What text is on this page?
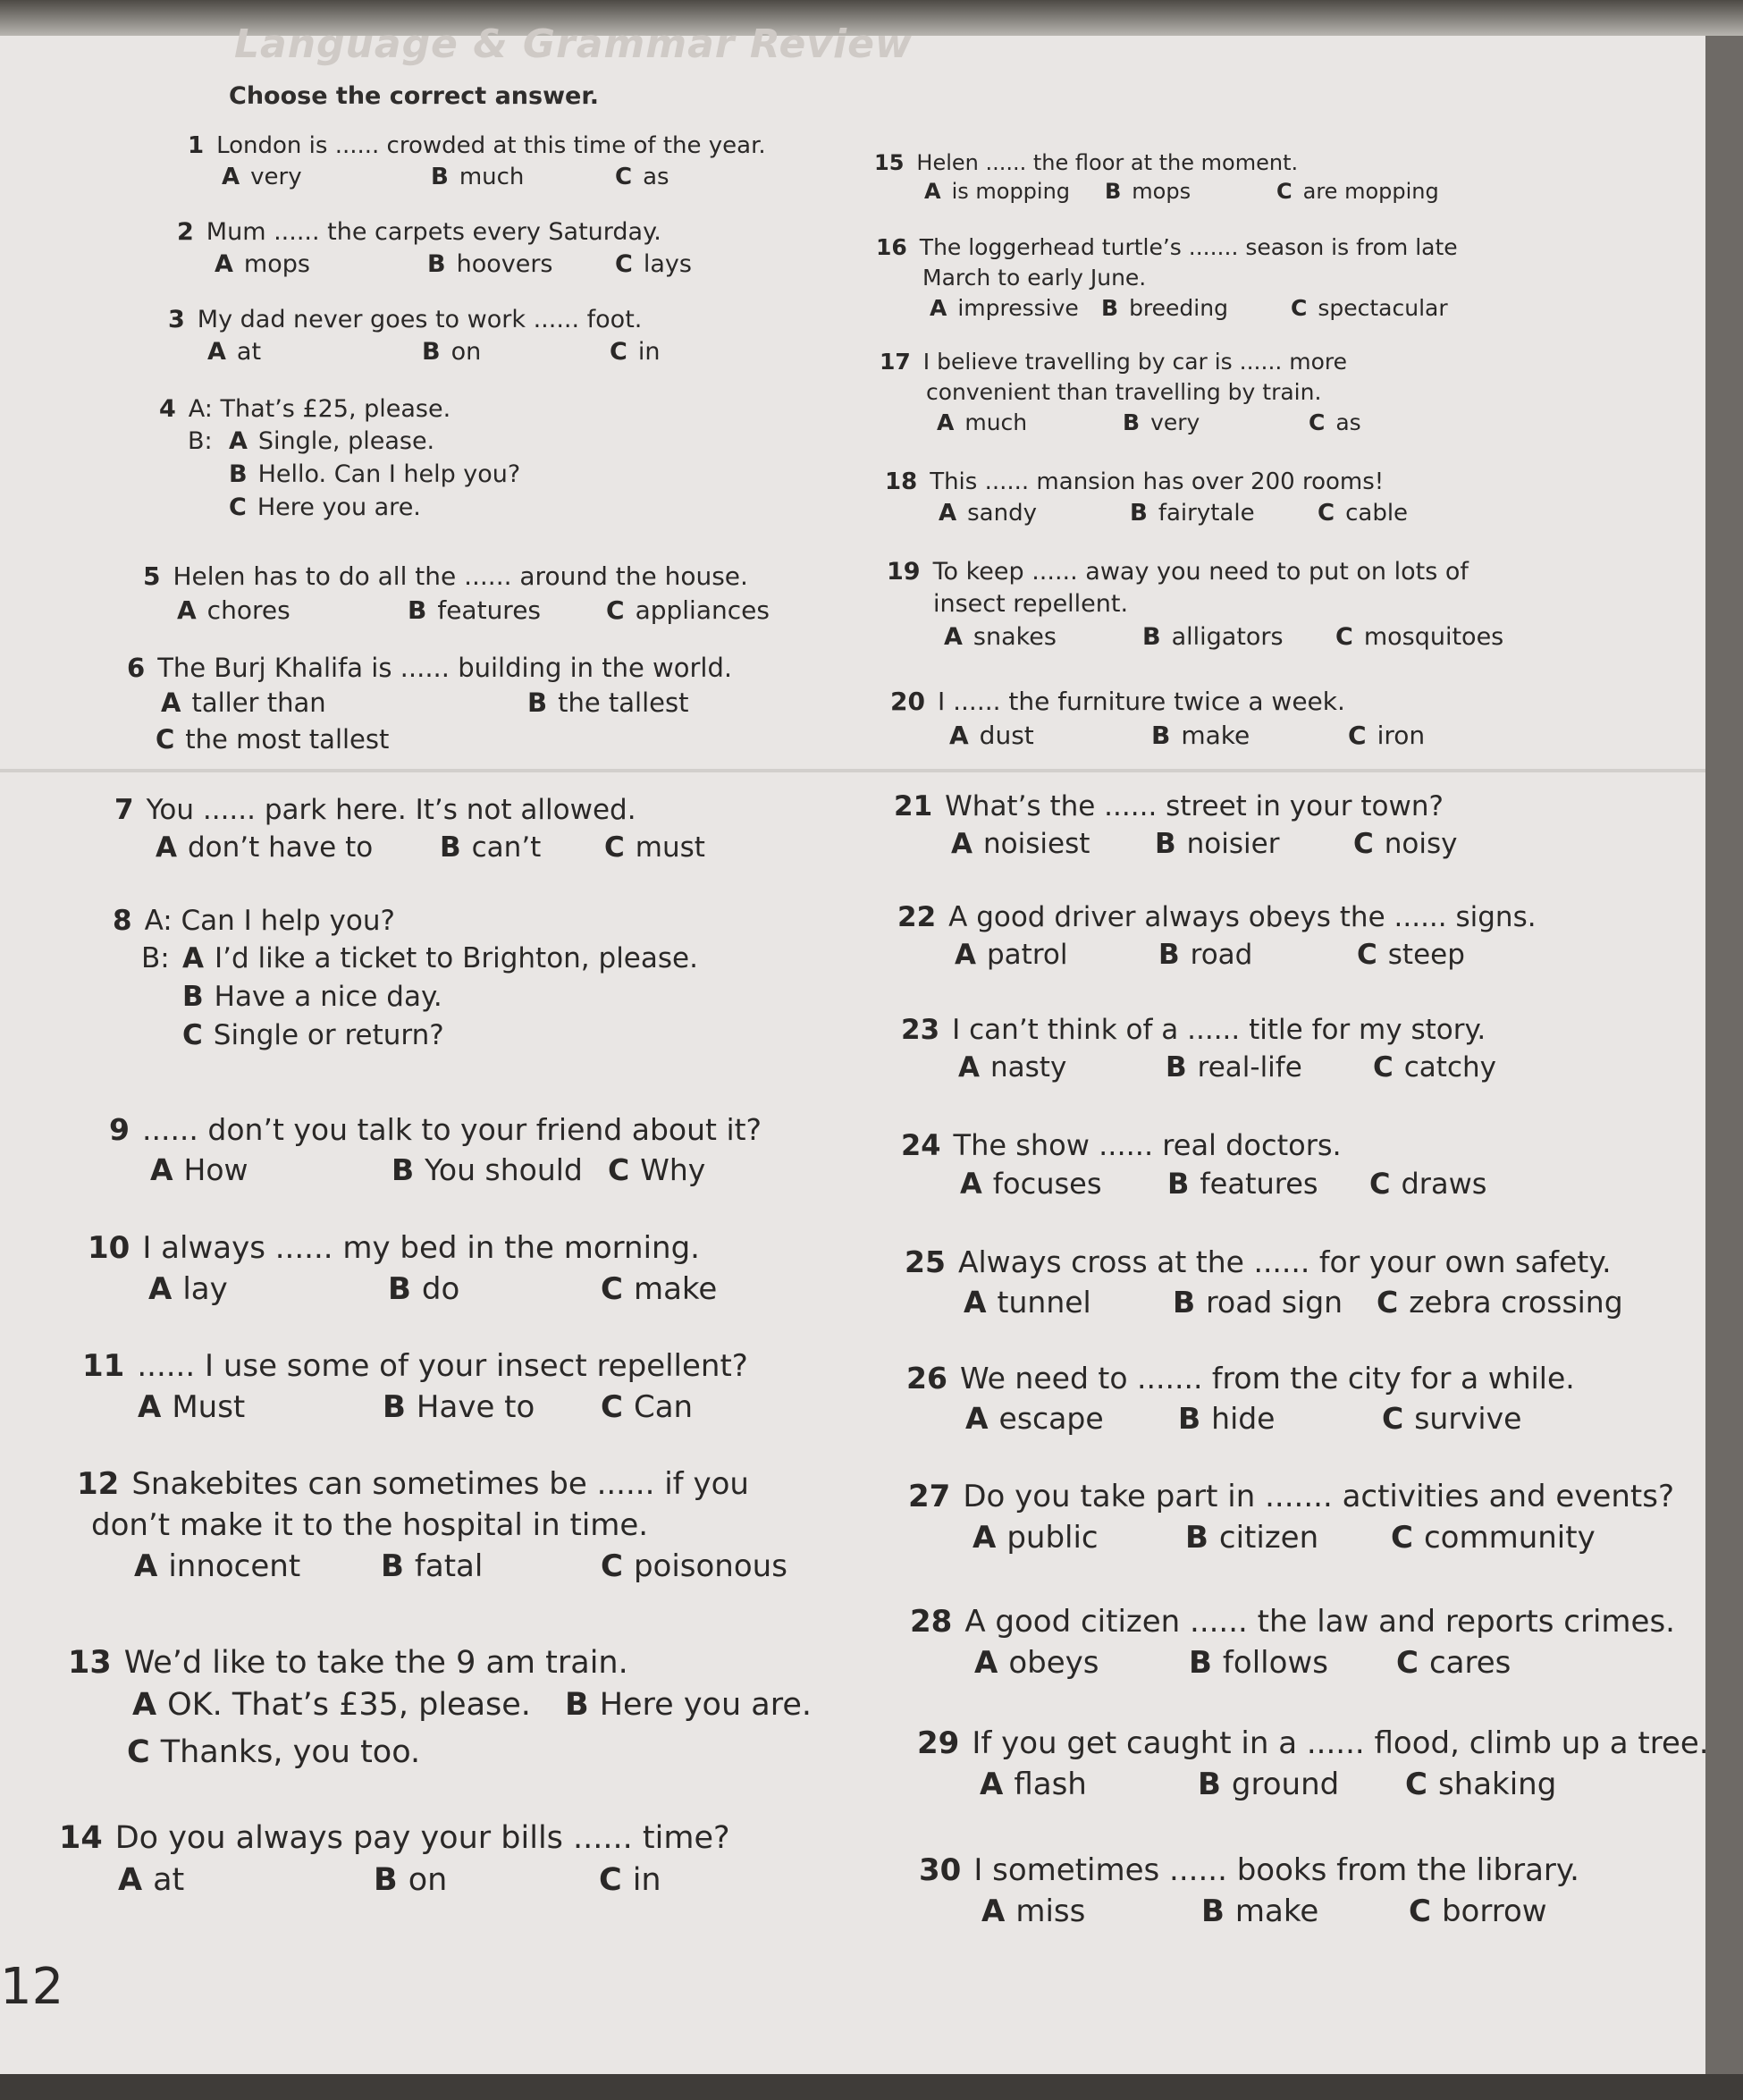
Language & Grammar Review
Choose the correct answer.
1 London is ...... crowded at this time of the year.
A very	B much	C as
2 Mum ...... the carpets every Saturday.
A mops	B hoovers	C lays
3 My dad never goes to work ...... foot.
A at	B on	C in
4 A: That’s £25, please.
B: A Single, please.
B Hello. Can I help you?
C Here you are.
5 Helen has to do all the ...... around the house.
A chores	B features	C appliances
6 The Burj Khalifa is ...... building in the world.
A taller than	B the tallest
C the most tallest
7 You ...... park here. It’s not allowed.
A don’t have to B can’t C must
8 A: Can I help you?
B: A I’d like a ticket to Brighton, please.
B Have a nice day.
C Single or return?
9 ...... don’t you talk to your friend about it?
A How	B You should C Why
10 I always ...... my bed in the morning.
A lay	B do	C make
11 ...... I use some of your insect repellent?
A Must	B Have to C Can
12 Snakebites can sometimes be ...... if you
don’t make it to the hospital in time.
A innocent	B fatal	C poisonous
13 We’d like to take the 9 am train.
A OK. That’s £35, please. B Here you are.
C Thanks, you too.
14 Do you always pay your bills ...... time?
A at	B on	C in
15 Helen ...... the floor at the moment.
A is mopping B mops	C are mopping
16 The loggerhead turtle’s ....... season is from late
March to early June.
A impressive B breeding	C spectacular
17 I believe travelling by car is ...... more
convenient than travelling by train.
A much	B very	C as
18 This ...... mansion has over 200 rooms!
A sandy	B fairytale	C cable
19 To keep ...... away you need to put on lots of
insect repellent.
A snakes	B alligators C mosquitoes
20 I ...... the furniture twice a week.
A dust	B make	C iron
21 What’s the ...... street in your town?
A noisiest B noisier	C noisy
22 A good driver always obeys the ...... signs.
A patrol	B road	C steep
23 I can’t think of a ...... title for my story.
A nasty	B real-life	C catchy
24 The show ...... real doctors.
A focuses B features C draws
25 Always cross at the ...... for your own safety.
A tunnel	B road sign C zebra crossing
26 We need to ....... from the city for a while.
A escape	B hide	C survive
27 Do you take part in ....... activities and events?
A public	B citizen C community
28 A good citizen ...... the law and reports crimes.
A obeys	B follows C cares
29 If you get caught in a ...... flood, climb up a tree.
A flash	B ground C shaking
30 I sometimes ...... books from the library.
A miss	B make	C borrow
12
